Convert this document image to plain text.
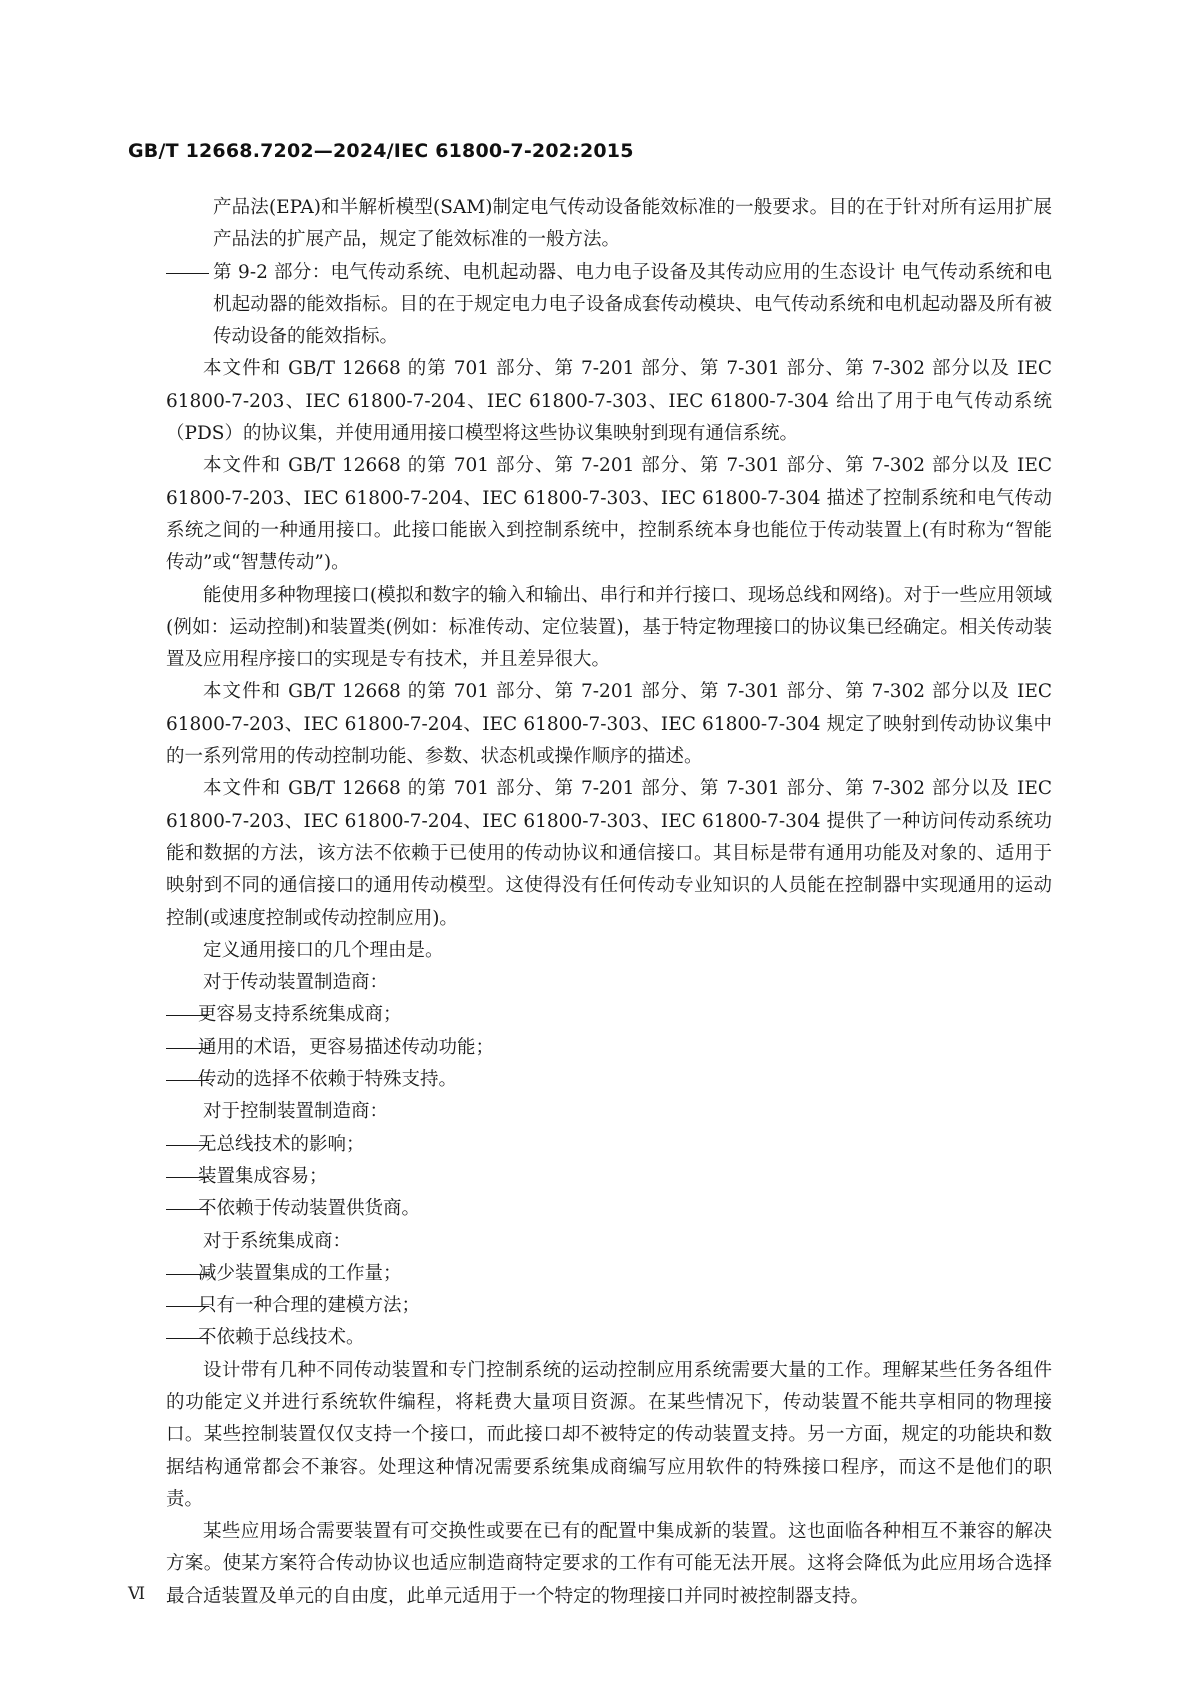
GB/T 12668.7202—2024/IEC 61800-7-202:2015

产品法(EPA)和半解析模型(SAM)制定电气传动设备能效标准的一般要求。目的在于针对所有运用扩展产品法的扩展产品，规定了能效标准的一般方法。

第 9-2 部分：电气传动系统、电机起动器、电力电子设备及其传动应用的生态设计 电气传动系统和电机起动器的能效指标。目的在于规定电力电子设备成套传动模块、电气传动系统和电机起动器及所有被传动设备的能效指标。

本文件和 GB/T 12668 的第 701 部分、第 7-201 部分、第 7-301 部分、第 7-302 部分以及 IEC 61800-7-203、IEC 61800-7-204、IEC 61800-7-303、IEC 61800-7-304 给出了用于电气传动系统（PDS）的协议集，并使用通用接口模型将这些协议集映射到现有通信系统。

本文件和 GB/T 12668 的第 701 部分、第 7-201 部分、第 7-301 部分、第 7-302 部分以及 IEC 61800-7-203、IEC 61800-7-204、IEC 61800-7-303、IEC 61800-7-304 描述了控制系统和电气传动系统之间的一种通用接口。此接口能嵌入到控制系统中，控制系统本身也能位于传动装置上(有时称为“智能传动”或“智慧传动”)。

能使用多种物理接口(模拟和数字的输入和输出、串行和并行接口、现场总线和网络)。对于一些应用领域(例如：运动控制)和装置类(例如：标准传动、定位装置)，基于特定物理接口的协议集已经确定。相关传动装置及应用程序接口的实现是专有技术，并且差异很大。

本文件和 GB/T 12668 的第 701 部分、第 7-201 部分、第 7-301 部分、第 7-302 部分以及 IEC 61800-7-203、IEC 61800-7-204、IEC 61800-7-303、IEC 61800-7-304 规定了映射到传动协议集中的一系列常用的传动控制功能、参数、状态机或操作顺序的描述。

本文件和 GB/T 12668 的第 701 部分、第 7-201 部分、第 7-301 部分、第 7-302 部分以及 IEC 61800-7-203、IEC 61800-7-204、IEC 61800-7-303、IEC 61800-7-304 提供了一种访问传动系统功能和数据的方法，该方法不依赖于已使用的传动协议和通信接口。其目标是带有通用功能及对象的、适用于映射到不同的通信接口的通用传动模型。这使得没有任何传动专业知识的人员能在控制器中实现通用的运动控制(或速度控制或传动控制应用)。

定义通用接口的几个理由是。

对于传动装置制造商：

更容易支持系统集成商；

通用的术语，更容易描述传动功能；

传动的选择不依赖于特殊支持。

对于控制装置制造商：

无总线技术的影响；

装置集成容易；

不依赖于传动装置供货商。

对于系统集成商：

减少装置集成的工作量；

只有一种合理的建模方法；

不依赖于总线技术。

设计带有几种不同传动装置和专门控制系统的运动控制应用系统需要大量的工作。理解某些任务各组件的功能定义并进行系统软件编程，将耗费大量项目资源。在某些情况下，传动装置不能共享相同的物理接口。某些控制装置仅仅支持一个接口，而此接口却不被特定的传动装置支持。另一方面，规定的功能块和数据结构通常都会不兼容。处理这种情况需要系统集成商编写应用软件的特殊接口程序，而这不是他们的职责。

某些应用场合需要装置有可交换性或要在已有的配置中集成新的装置。这也面临各种相互不兼容的解决方案。使某方案符合传动协议也适应制造商特定要求的工作有可能无法开展。这将会降低为此应用场合选择最合适装置及单元的自由度，此单元适用于一个特定的物理接口并同时被控制器支持。

Ⅵ
